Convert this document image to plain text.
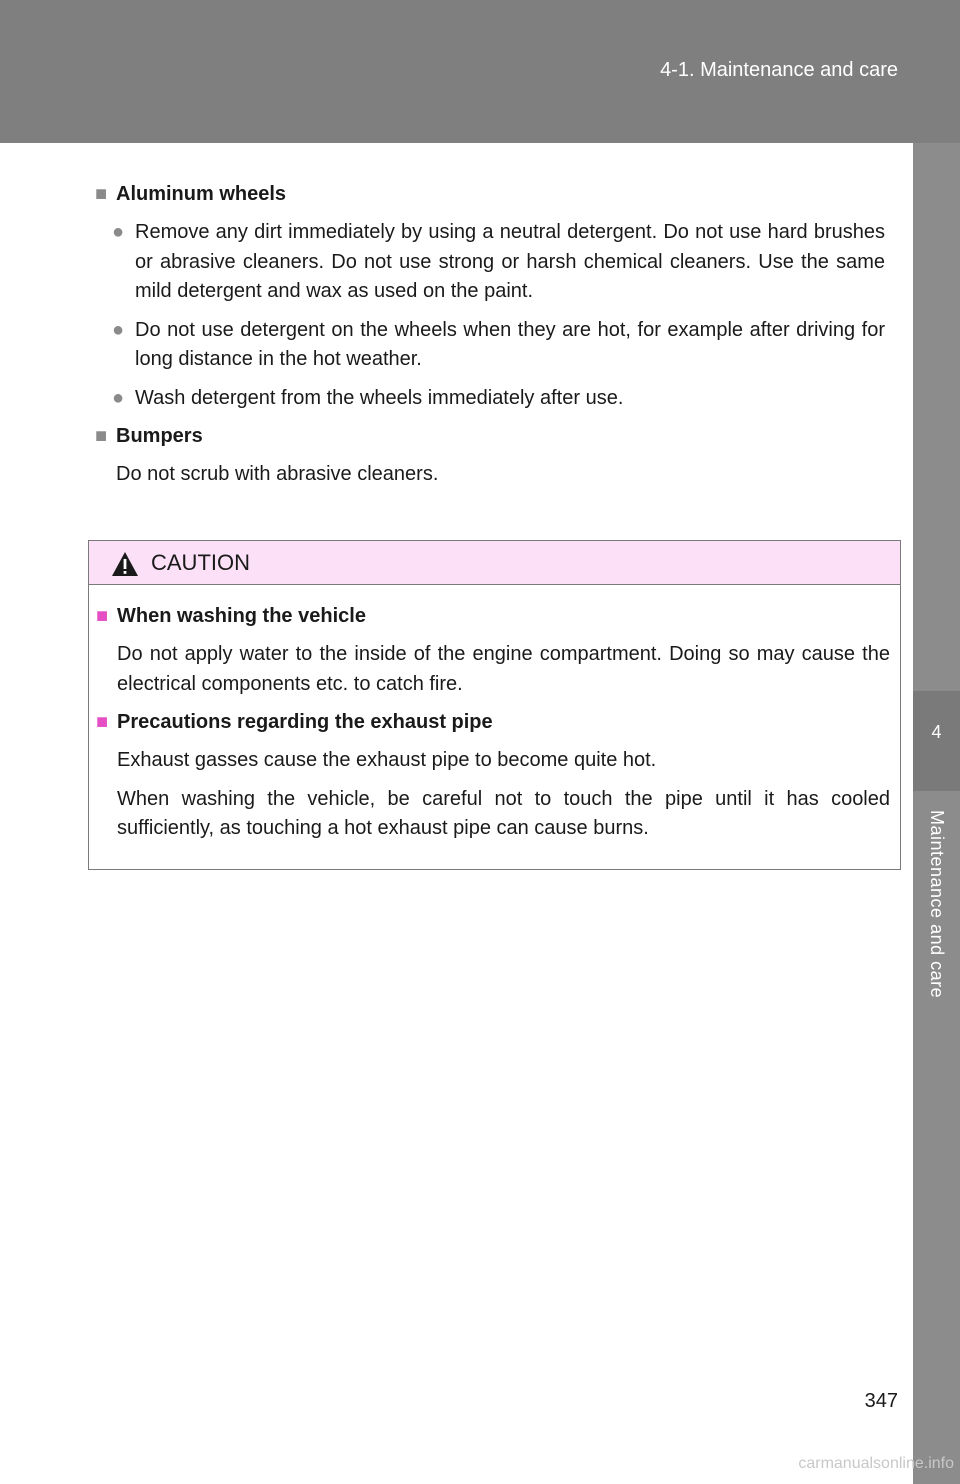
4-1. Maintenance and care
4
Maintenance and care

■ Aluminum wheels

● Remove any dirt immediately by using a neutral detergent. Do not use hard brushes or abrasive cleaners. Do not use strong or harsh chemical cleaners. Use the same mild detergent and wax as used on the paint.
● Do not use detergent on the wheels when they are hot, for example after driving for long distance in the hot weather.
● Wash detergent from the wheels immediately after use.

■ Bumpers

Do not scrub with abrasive cleaners.
CAUTION

■ When washing the vehicle

Do not apply water to the inside of the engine compartment. Doing so may cause the electrical components etc. to catch fire.

■ Precautions regarding the exhaust pipe

Exhaust gasses cause the exhaust pipe to become quite hot.
When washing the vehicle, be careful not to touch the pipe until it has cooled sufficiently, as touching a hot exhaust pipe can cause burns.
347
carmanualsonline.info
